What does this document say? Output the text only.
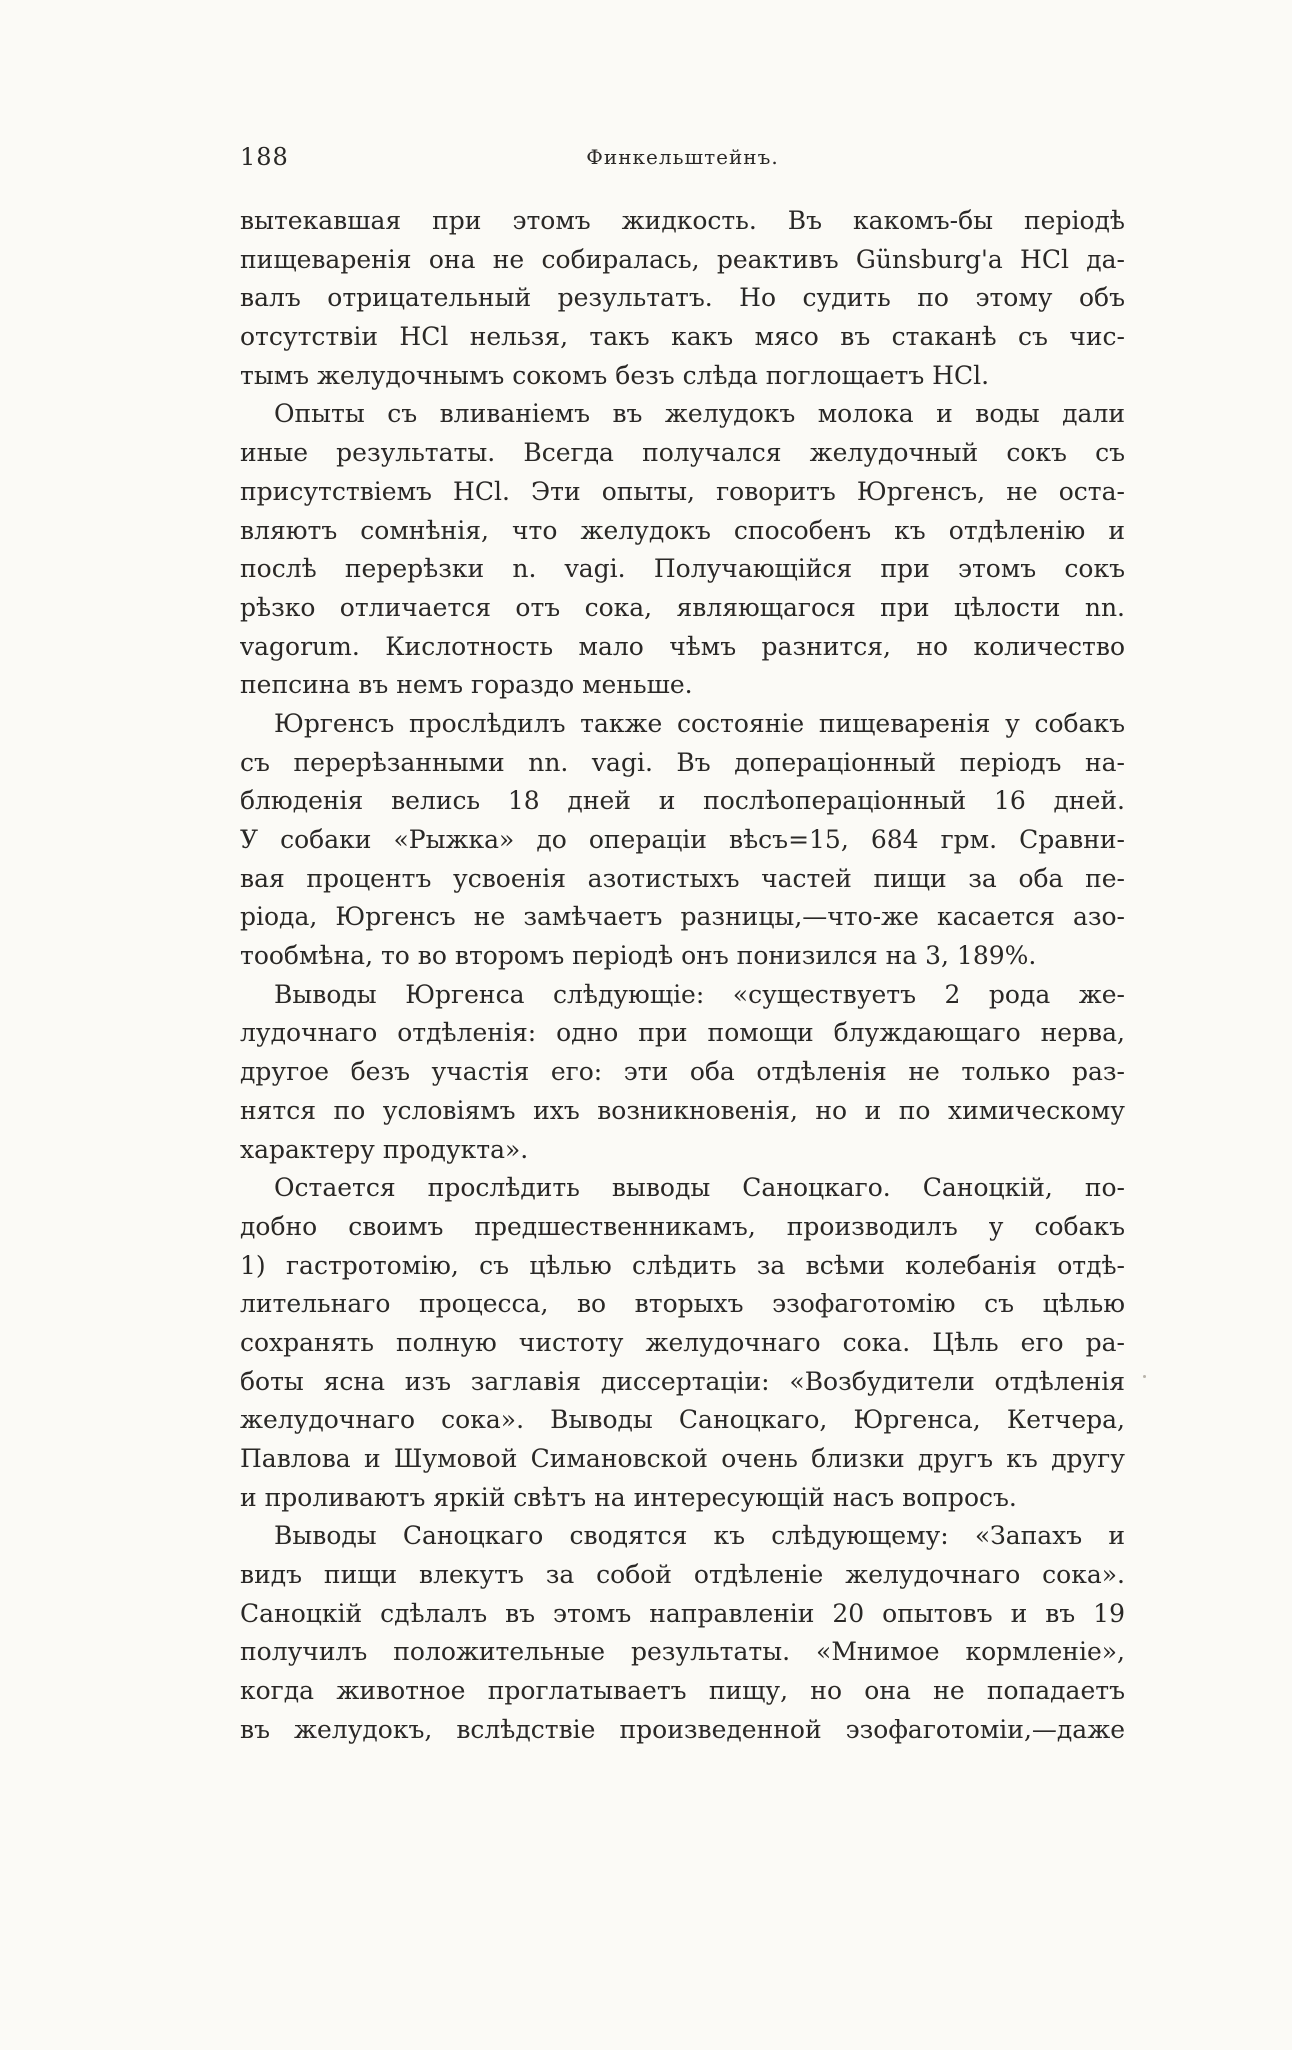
188	Финкельштейнъ.
вытекавшая при этомъ жидкость. Въ какомъ-бы періодѣ
пищеваренія она не собиралась, реактивъ Günsburg'а HCl да-
валъ отрицательный результатъ. Но судить по этому объ
отсутствіи HCl нельзя, такъ какъ мясо въ стаканѣ съ чис-
тымъ желудочнымъ сокомъ безъ слѣда поглощаетъ HCl.
Опыты съ вливаніемъ въ желудокъ молока и воды дали
иные результаты. Всегда получался желудочный сокъ съ
присутствіемъ HCl. Эти опыты, говоритъ Юргенсъ, не оста-
вляютъ сомнѣнія, что желудокъ способенъ къ отдѣленію и
послѣ перерѣзки n. vagi. Получающійся при этомъ сокъ
рѣзко отличается отъ сока, являющагося при цѣлости nn.
vagorum. Кислотность мало чѣмъ разнится, но количество
пепсина въ немъ гораздо меньше.
Юргенсъ прослѣдилъ также состояніе пищеваренія у собакъ
съ перерѣзанными nn. vagi. Въ доперацiонный періодъ на-
блюденія велись 18 дней и послѣоперацiонный 16 дней.
У собаки «Рыжка» до операціи вѣсъ=15, 684 грм. Сравни-
вая процентъ усвоенія азотистыхъ частей пищи за оба пе-
ріода, Юргенсъ не замѣчаетъ разницы,—что-же касается азо-
тообмѣна, то во второмъ періодѣ онъ понизился на 3, 189%.
Выводы Юргенса слѣдующіе: «существуетъ 2 рода же-
лудочнаго отдѣленія: одно при помощи блуждающаго нерва,
другое безъ участія его: эти оба отдѣленія не только раз-
нятся по условіямъ ихъ возникновенія, но и по химическому
характеру продукта».
Остается прослѣдить выводы Саноцкаго. Саноцкій, по-
добно своимъ предшественникамъ, производилъ у собакъ
1) гастротомію, съ цѣлью слѣдить за всѣми колебанія отдѣ-
лительнаго процесса, во вторыхъ эзофаготомію съ цѣлью
сохранять полную чистоту желудочнаго сока. Цѣль его ра-
боты ясна изъ заглавія диссертаціи: «Возбудители отдѣленія
желудочнаго сока». Выводы Саноцкаго, Юргенса, Кетчера,
Павлова и Шумовой Симановской очень близки другъ къ другу
и проливаютъ яркій свѣтъ на интересующій насъ вопросъ.
Выводы Саноцкаго сводятся къ слѣдующему: «Запахъ и
видъ пищи влекутъ за собой отдѣленіе желудочнаго сока».
Саноцкій сдѣлалъ въ этомъ направленіи 20 опытовъ и въ 19
получилъ положительные результаты. «Мнимое кормленіе»,
когда животное проглатываетъ пищу, но она не попадаетъ
въ желудокъ, вслѣдствіе произведенной эзофаготоміи,—даже
